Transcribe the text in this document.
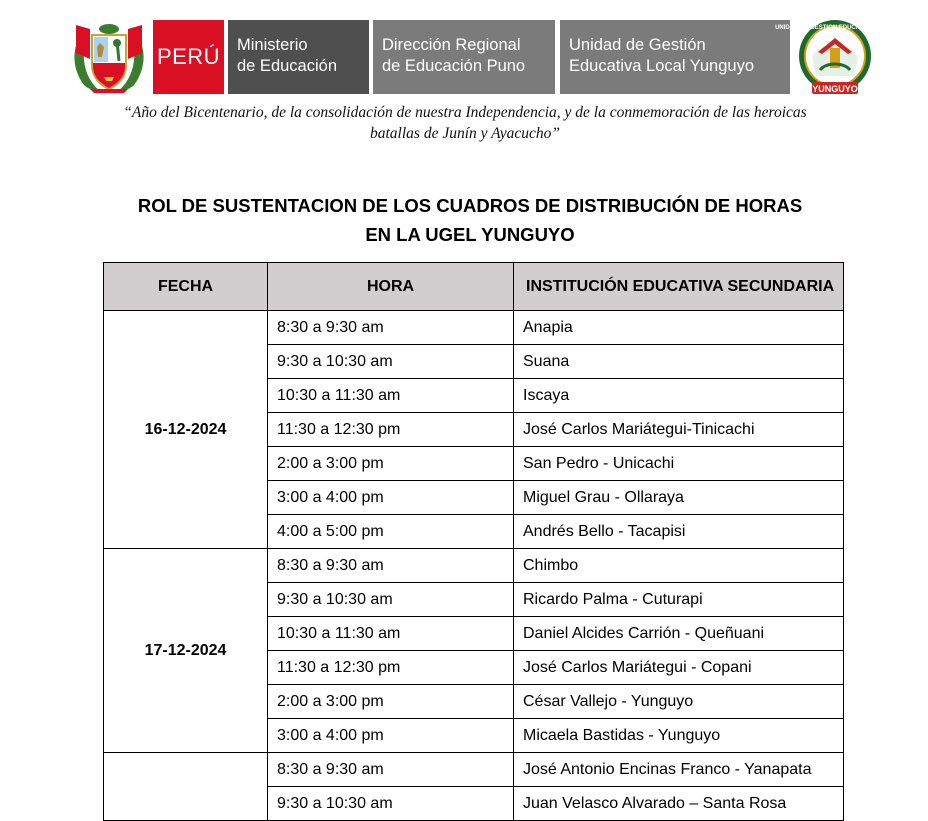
PERÚ Ministerio
de Educación
Dirección Regional
de Educación Puno
Unidad de Gestión
Educativa Local Yunguyo
UNIDAD DE GESTION EDUCATIVA LOCAL
YUNGUYO
“Año del Bicentenario, de la consolidación de nuestra Independencia, y de la conmemoración de las heroicas
batallas de Junín y Ayacucho”
ROL DE SUSTENTACION DE LOS CUADROS DE DISTRIBUCIÓN DE HORAS
EN LA UGEL YUNGUYO
FECHA	HORA	INSTITUCIÓN EDUCATIVA SECUNDARIA
16-12-2024	8:30 a 9:30 am	Anapia
	9:30 a 10:30 am	Suana
	10:30 a 11:30 am	Iscaya
	11:30 a 12:30 pm	José Carlos Mariátegui-Tinicachi
	2:00 a 3:00 pm	San Pedro - Unicachi
	3:00 a 4:00 pm	Miguel Grau - Ollaraya
	4:00 a 5:00 pm	Andrés Bello - Tacapisi
17-12-2024	8:30 a 9:30 am	Chimbo
	9:30 a 10:30 am	Ricardo Palma - Cuturapi
	10:30 a 11:30 am	Daniel Alcides Carrión - Queñuani
	11:30 a 12:30 pm	José Carlos Mariátegui - Copani
	2:00 a 3:00 pm	César Vallejo - Yunguyo
	3:00 a 4:00 pm	Micaela Bastidas - Yunguyo
	8:30 a 9:30 am	José Antonio Encinas Franco - Yanapata
	9:30 a 10:30 am	Juan Velasco Alvarado – Santa Rosa
